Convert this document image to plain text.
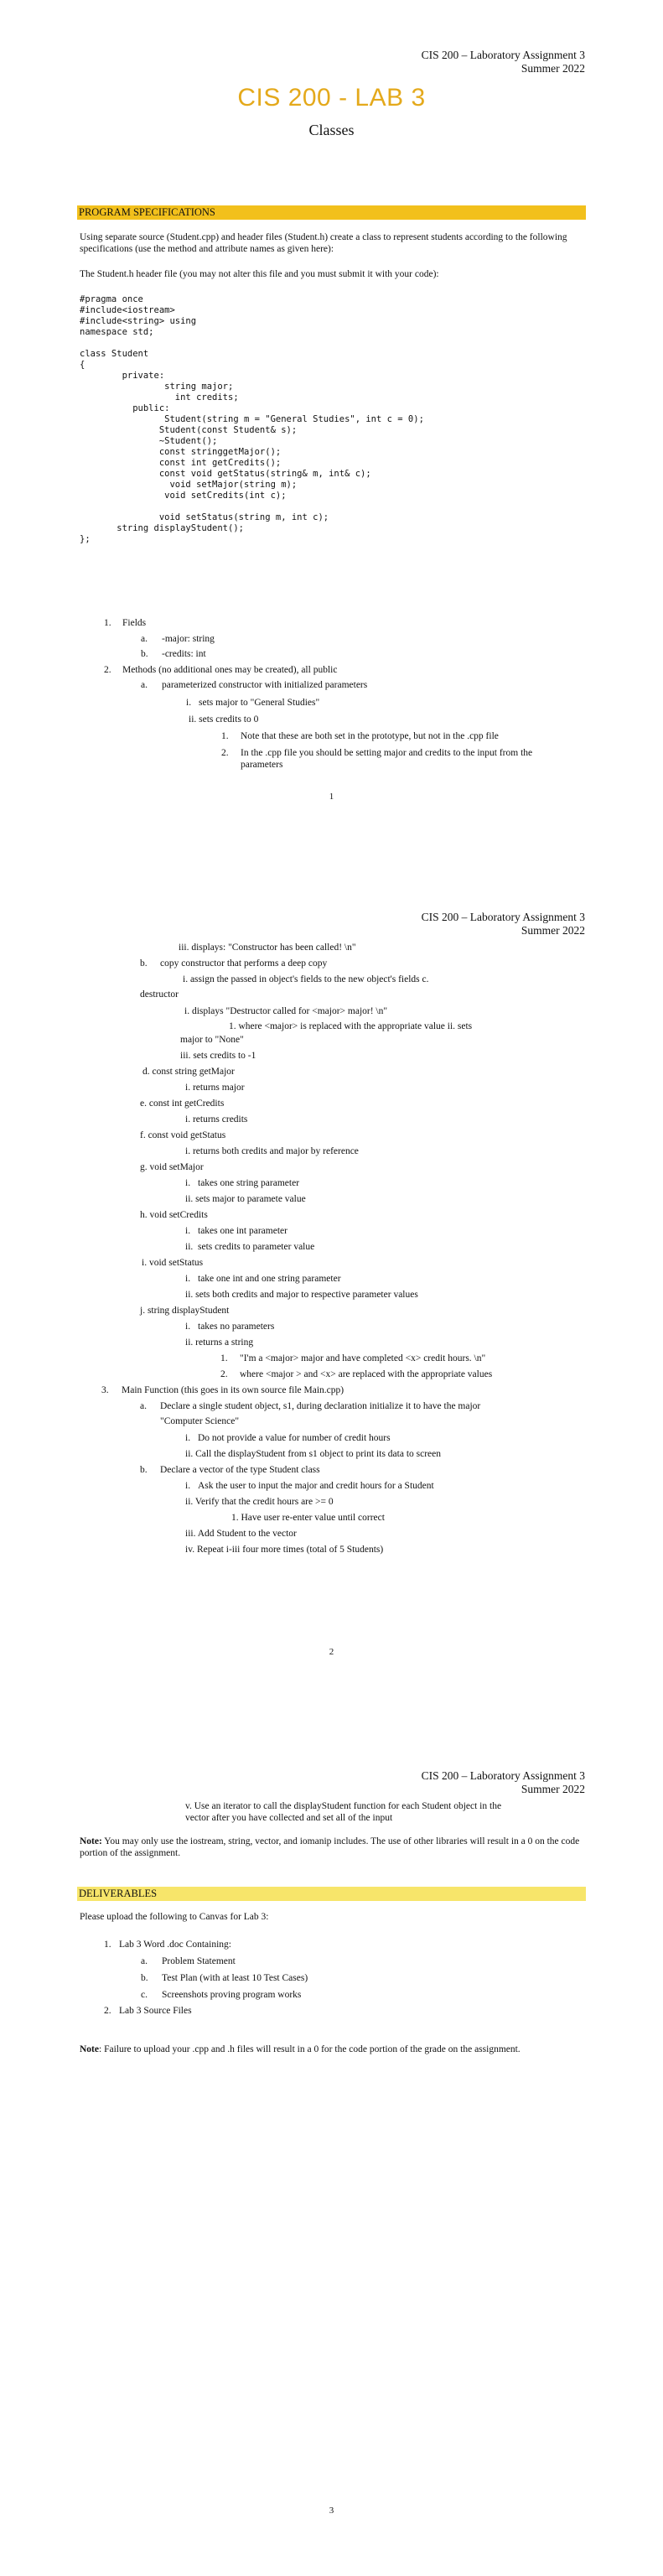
CIS 200 – Laboratory Assignment 3
Summer 2022
CIS 200 - LAB 3
Classes
PROGRAM SPECIFICATIONS
Using separate source (Student.cpp) and header files (Student.h) create a class to represent students according to the following specifications (use the method and attribute names as given here):
The Student.h header file (you may not alter this file and you must submit it with your code):
#pragma once
#include<iostream>
#include<string> using
namespace std;

class Student
{
private:
string major;
int credits;
public:
Student(string m = "General Studies", int c = 0);
Student(const Student& s);
~Student();
const stringgetMajor();
const int getCredits();
const void getStatus(string& m, int& c);
void setMajor(string m);
void setCredits(int c);

void setStatus(string m, int c);
string displayStudent();
};
1. Fields
a. -major: string
b. -credits: int
2. Methods (no additional ones may be created), all public
a. parameterized constructor with initialized parameters
i. sets major to "General Studies"
ii. sets credits to 0
1. Note that these are both set in the prototype, but not in the .cpp file
2. In the .cpp file you should be setting major and credits to the input from the parameters
1
CIS 200 – Laboratory Assignment 3
Summer 2022
iii. displays: "Constructor has been called! \n"
b. copy constructor that performs a deep copy
i. assign the passed in object's fields to the new object's fields c.
destructor
i. displays "Destructor called for <major> major! \n"
1. where <major> is replaced with the appropriate value ii. sets
major to "None"
iii. sets credits to -1
d. const string getMajor
i. returns major
e. const int getCredits
i. returns credits
f. const void getStatus
i. returns both credits and major by reference
g. void setMajor
i. takes one string parameter
ii. sets major to paramete value
h. void setCredits
i. takes one int parameter
ii. sets credits to parameter value
i. void setStatus
i. take one int and one string parameter
ii. sets both credits and major to respective parameter values
j. string displayStudent
i. takes no parameters
ii. returns a string
1. "I'm a <major> major and have completed <x> credit hours. \n"
2. where <major > and <x> are replaced with the appropriate values
3. Main Function (this goes in its own source file Main.cpp)
a. Declare a single student object, s1, during declaration initialize it to have the major
"Computer Science"
i. Do not provide a value for number of credit hours
ii. Call the displayStudent from s1 object to print its data to screen
b. Declare a vector of the type Student class
i. Ask the user to input the major and credit hours for a Student
ii. Verify that the credit hours are >= 0
1. Have user re-enter value until correct
iii. Add Student to the vector
iv. Repeat i-iii four more times (total of 5 Students)
2
CIS 200 – Laboratory Assignment 3
Summer 2022
v. Use an iterator to call the displayStudent function for each Student object in the vector after you have collected and set all of the input
Note: You may only use the iostream, string, vector, and iomanip includes. The use of other libraries will result in a 0 on the code portion of the assignment.
DELIVERABLES
Please upload the following to Canvas for Lab 3:
1. Lab 3 Word .doc Containing:
a. Problem Statement
b. Test Plan (with at least 10 Test Cases)
c. Screenshots proving program works
2. Lab 3 Source Files
Note: Failure to upload your .cpp and .h files will result in a 0 for the code portion of the grade on the assignment.
3
